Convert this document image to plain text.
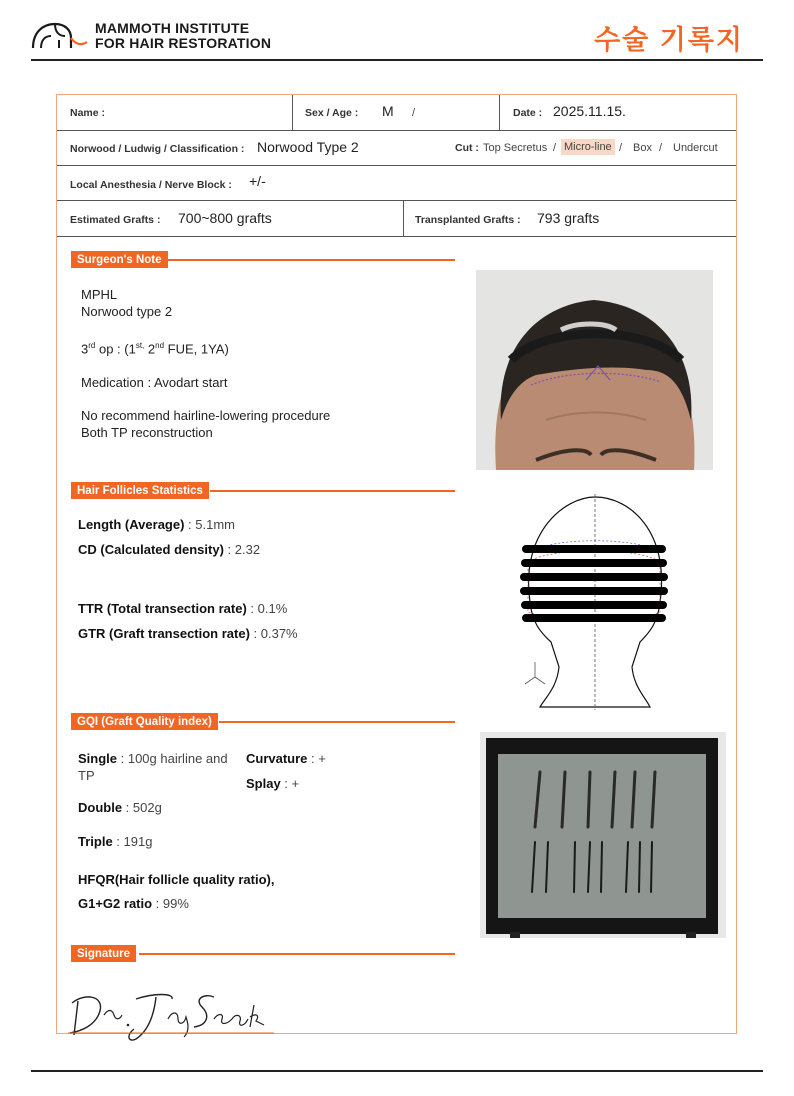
MAMMOTH INSTITUTE
FOR HAIR RESTORATION	수술 기록지
Name :	Sex / Age : M /	Date : 2025.11.15.
Norwood / Ludwig / Classification : Norwood Type 2	Cut : Top Secretus / Micro-line / Box / Undercut
Local Anesthesia / Nerve Block : +/-
Estimated Grafts : 700~800 grafts	Transplanted Grafts : 793 grafts
Surgeon's Note

MPHL

Norwood type 2

3rd op : ($1^{st,}$ 2nd FUE, 1YA)

Medication : Avodart start

No recommend hairline-lowering procedure

Both TP reconstruction

Hair Follicles Statistics
Length (Average) : 5.1mm
CD (Calculated density) : 2.32
TTR (Total transection rate) : 0.1%
GTR (Graft transection rate) : 0.37%
GQI (Graft Quality index)
Single : 100g hairline and TP
Curvature : +
Splay : +
Double : 502g
Triple : 191g
HFQR(Hair follicle quality ratio),
G1+G2 ratio : 99%
Signature
